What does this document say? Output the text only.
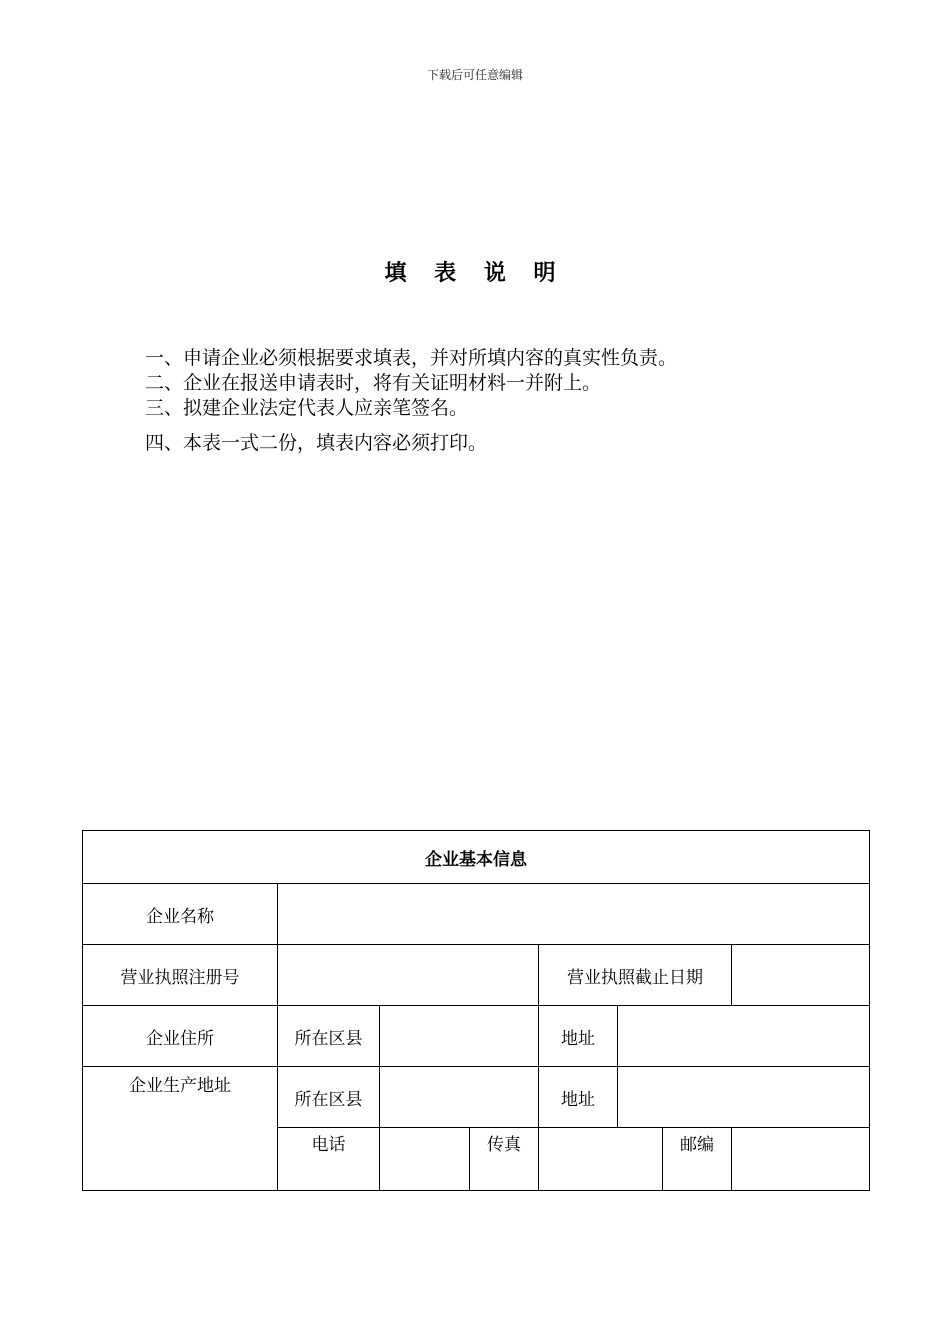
下载后可任意编辑
填 表 说 明
一、申请企业必须根据要求填表，并对所填内容的真实性负责。
二、企业在报送申请表时，将有关证明材料一并附上。
三、拟建企业法定代表人应亲笔签名。
四、本表一式二份，填表内容必须打印。
企业基本信息							
企业名称							
营业执照注册号				营业执照截止日期			
企业住所	所在区县			地址			
企业生产地址	所在区县			地址			
	电话		传真			邮编	
